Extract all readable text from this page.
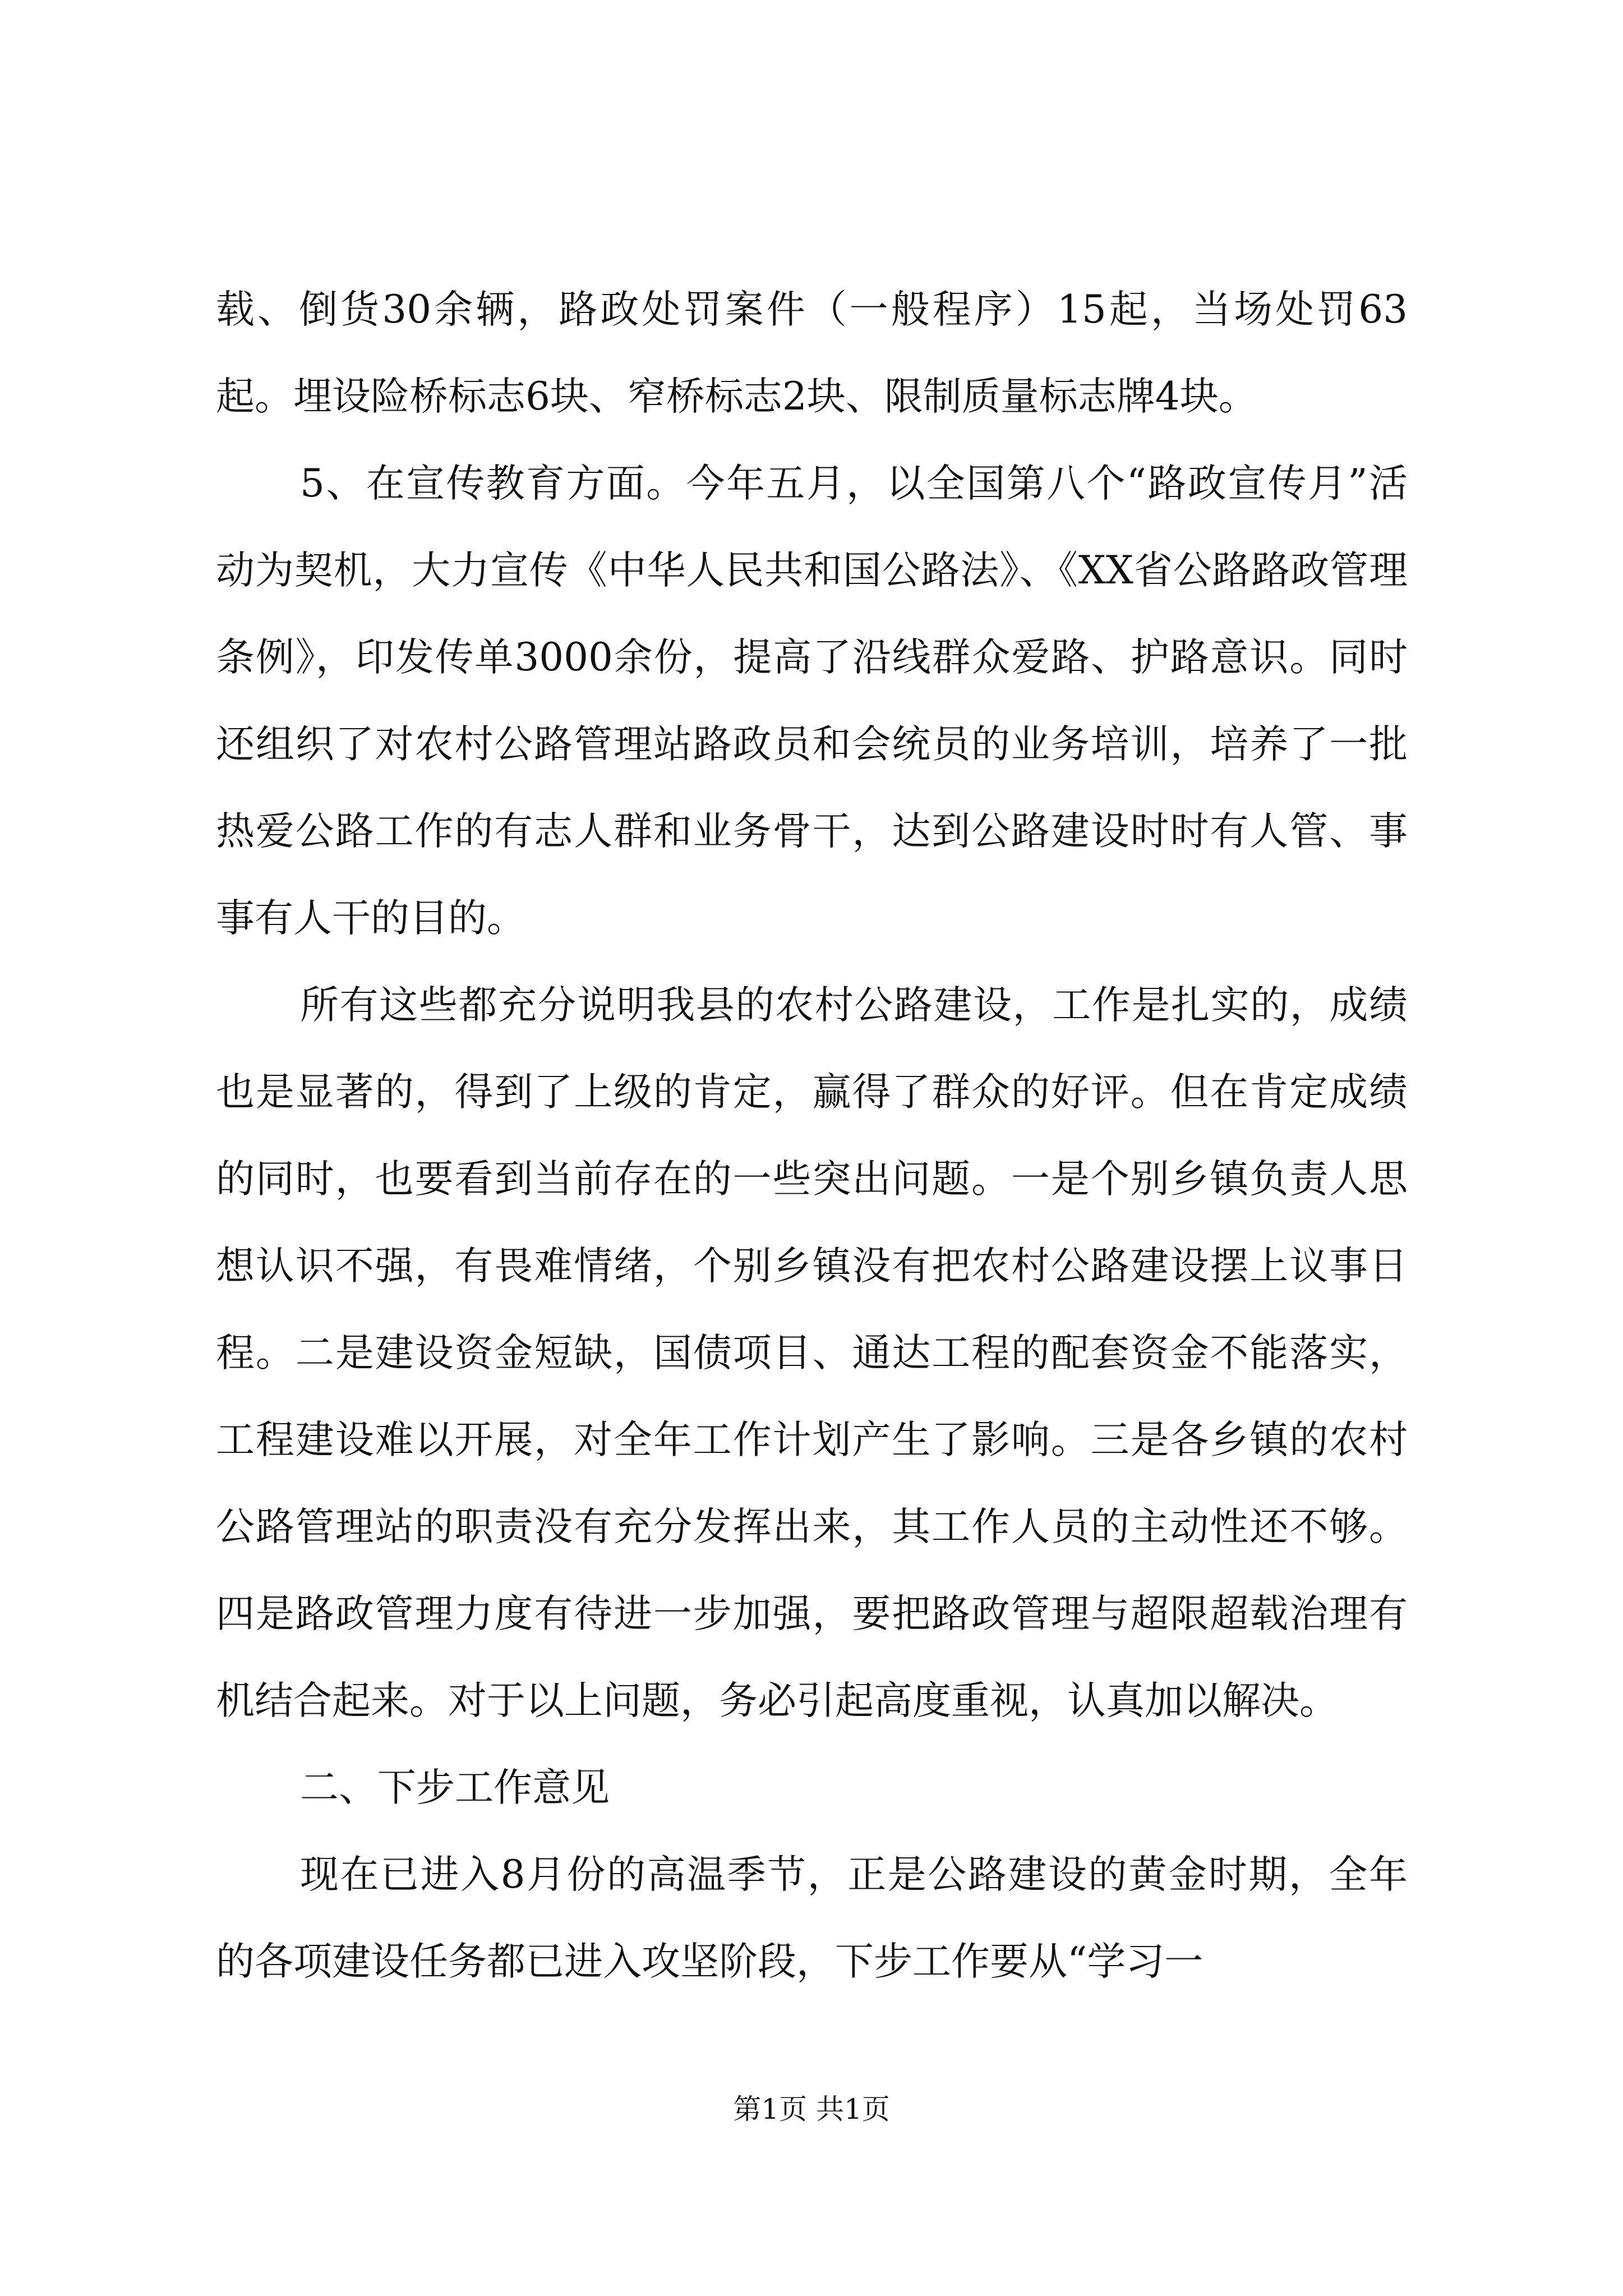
载、倒货30余辆，路政处罚案件（一般程序）15起，当场处罚63起。埋设险桥标志6块、窄桥标志2块、限制质量标志牌4块。

5、在宣传教育方面。今年五月，以全国第八个“路政宣传月”活动为契机，大力宣传《中华人民共和国公路法》、《XX省公路路政管理条例》，印发传单3000余份，提高了沿线群众爱路、护路意识。同时还组织了对农村公路管理站路政员和会统员的业务培训，培养了一批热爱公路工作的有志人群和业务骨干，达到公路建设时时有人管、事事有人干的目的。

所有这些都充分说明我县的农村公路建设，工作是扎实的，成绩也是显著的，得到了上级的肯定，赢得了群众的好评。但在肯定成绩的同时，也要看到当前存在的一些突出问题。一是个别乡镇负责人思想认识不强，有畏难情绪，个别乡镇没有把农村公路建设摆上议事日程。二是建设资金短缺，国债项目、通达工程的配套资金不能落实，工程建设难以开展，对全年工作计划产生了影响。三是各乡镇的农村公路管理站的职责没有充分发挥出来，其工作人员的主动性还不够。四是路政管理力度有待进一步加强，要把路政管理与超限超载治理有机结合起来。对于以上问题，务必引起高度重视，认真加以解决。

二、下步工作意见

现在已进入8月份的高温季节，正是公路建设的黄金时期，全年的各项建设任务都已进入攻坚阶段，下步工作要从“学习一

第1页 共1页
